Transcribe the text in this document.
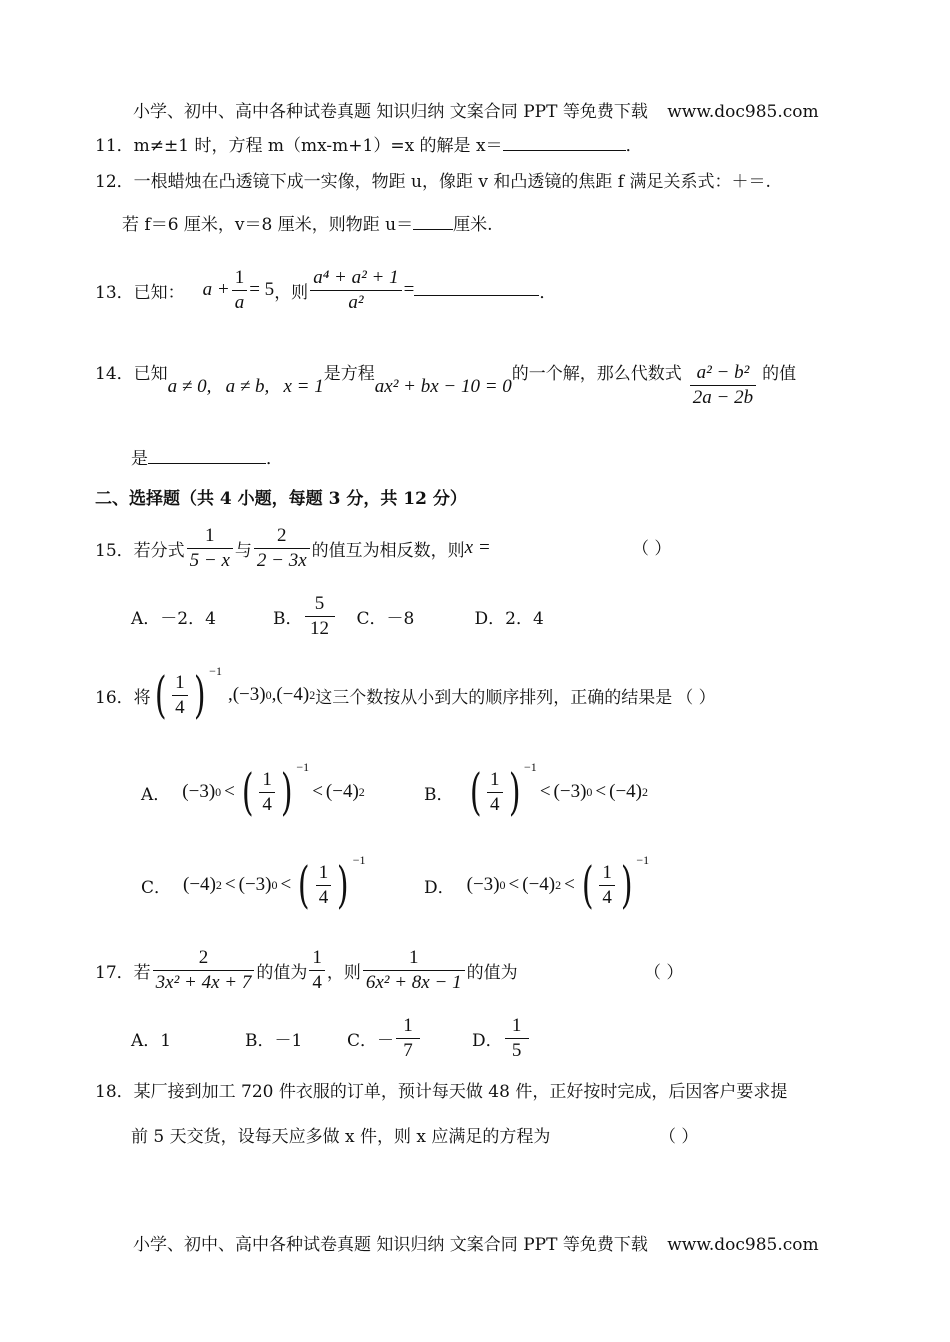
小学、初中、高中各种试卷真题 知识归纳 文案合同 PPT 等免费下载 www.doc985.com
11．m≠±1 时，方程 m（mx-m+1）=x 的解是 x＝	．
12．一根蜡烛在凸透镜下成一实像，物距 u，像距 v 和凸透镜的焦距 f 满足关系式：＋＝.
若 f＝6 厘米，v＝8 厘米，则物距 u＝ 厘米.
13． 已知： $a + \frac{1}{a} = 5$ ，则 $\frac{\text{a⁴ + a² + 1}}{\text{a²}}$ =	．
14． 已知
a ≠ 0,   a ≠ b,   x = 1
是方程
ax² + bx − 10 = 0
的一个解，那么代数式 $\frac{\text{a² − b²}}{2a - 2b}$ 的值
是	．
二、选择题（共 4 小题，每题 3 分，共 12 分）
15． 若分式 $\frac{1}{5 - x}$ 与 $\frac{2}{2 - 3x}$ 的值互为相反数，则 x =	（ ）
A．－2．4	B． $\frac{5}{12}$ C．－8	D．2．4
16． 将 ( $\frac{1}{4}$ ) −1
, ( −3 ) 0 , ( −4 ) 2 这三个数按从小到大的顺序排列，正确的结果是 （ ）
A． ( −3 ) 0 < ( $\frac{1}{4}$ ) −1
< ( −4 ) 2	B． ( $\frac{1}{4}$ ) −1
< ( −3 ) 0 < ( −4 ) 2
C． ( −4 ) 2 < ( −3 ) 0 < ( $\frac{1}{4}$ ) −1
D． ( −3 ) 0 < ( −4 ) 2 < ( $\frac{1}{4}$ ) −1
17． 若 $\frac{2}{\text{3x² + 4x + 7}}$ 的值为 $\frac{1}{4}$ ，则 $\frac{1}{\text{6x² + 8x − 1}}$ 的值为	（ ）
A．1	B．－1	C．－ $\frac{1}{7}$	D． $\frac{1}{5}$
18．某厂接到加工 720 件衣服的订单，预计每天做 48 件，正好按时完成，后因客户要求提
前 5 天交货，设每天应多做 x 件，则 x 应满足的方程为	（ ）
小学、初中、高中各种试卷真题 知识归纳 文案合同 PPT 等免费下载 www.doc985.com
